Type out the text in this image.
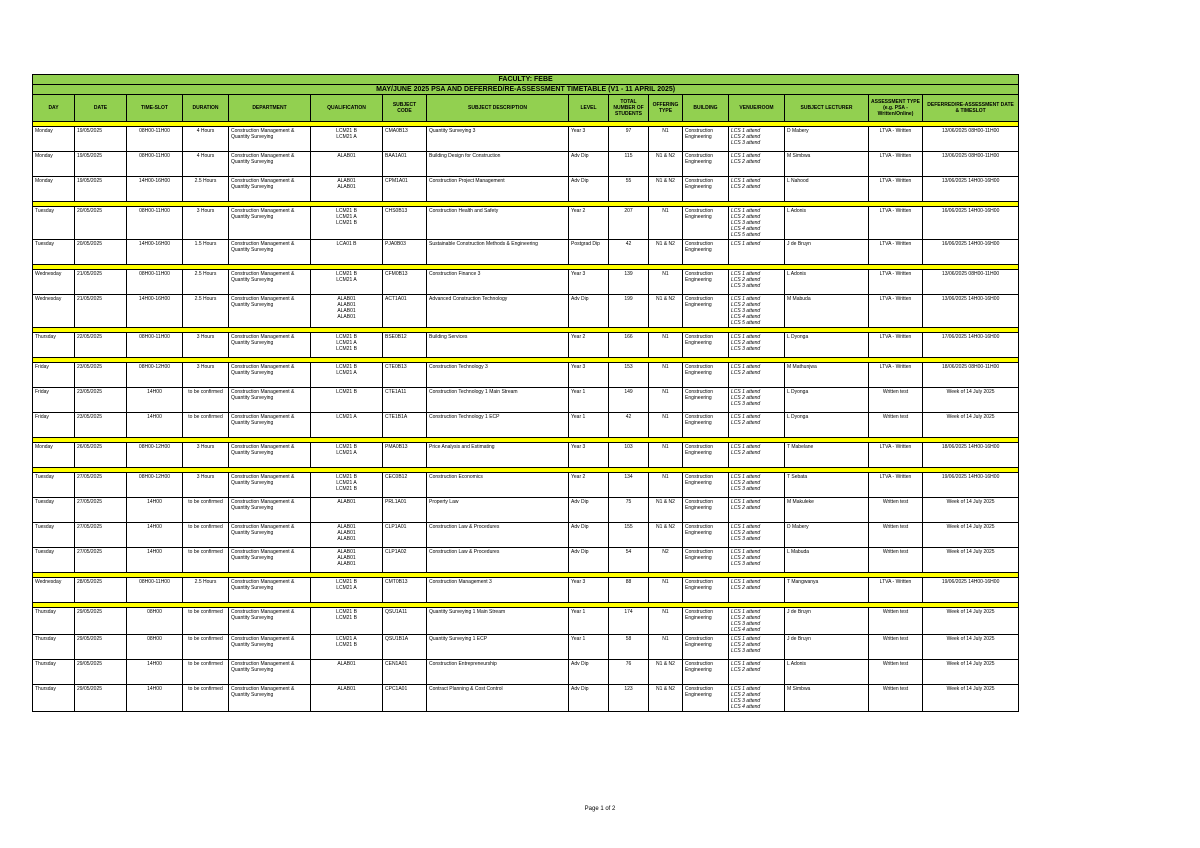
FACULTY: FEBE															
MAY/JUNE 2025 PSA AND DEFERRED/RE-ASSESSMENT TIMETABLE (V1 - 11 APRIL 2025)															
DAY	DATE	TIME-SLOT	DURATION	DEPARTMENT	QUALIFICATION	SUBJECT CODE	SUBJECT DESCRIPTION	LEVEL	TOTAL NUMBER OF STUDENTS	OFFERING TYPE	BUILDING	VENUE/ROOM	SUBJECT LECTURER	ASSESSMENT TYPE (e.g. PSA - Written/Online)	DEFERRED/RE-ASSESSMENT DATE & TIMESLOT

Monday	19/05/2025	08H00-11H00	4 Hours	Construction Management & Quantity Surveying	LCM21 B
LCM21 A	CMA0B13	Quantity Surveying 3	Year 3	97	N1	Construction Engineering	LCS 1 attend
LCS 2 attend
LCS 3 attend	D Mabery	LTVA - Written	13/06/2025 08H00-11H00
Monday	19/05/2025	08H00-11H00	4 Hours	Construction Management & Quantity Surveying	ALAB01	BAA1A01	Building Design for Construction	Adv Dip	115	N1 & N2	Construction Engineering	LCS 1 attend
LCS 2 attend	M Simbwa	LTVA - Written	13/06/2025 08H00-11H00
Monday	19/05/2025	14H00-16H00	2.5 Hours	Construction Management & Quantity Surveying	ALAB01
ALAB01	CPM1A01	Construction Project Management	Adv Dip	55	N1 & N2	Construction Engineering	LCS 1 attend
LCS 2 attend	L Nahood	LTVA - Written	13/06/2025 14H00-16H00

Tuesday	20/05/2025	08H00-11H00	3 Hours	Construction Management & Quantity Surveying	LCM21 B
LCM21 A
LCM21 B	CHS0B13	Construction Health and Safety	Year 2	207	N1	Construction Engineering	LCS 1 attend
LCS 2 attend
LCS 3 attend
LCS 4 attend
LCS 5 attend	L Adonis	LTVA - Written	16/06/2025 14H00-16H00
Tuesday	20/05/2025	14H00-16H00	1.5 Hours	Construction Management & Quantity Surveying	LCA01 B	PJA0B03	Sustainable Construction Methods & Engineering	Postgrad Dip	42	N1 & N2	Construction Engineering	LCS 1 attend	J de Bruyn	LTVA - Written	16/06/2025 14H00-16H00

Wednesday	21/05/2025	08H00-11H00	2.5 Hours	Construction Management & Quantity Surveying	LCM21 B
LCM21 A	CFM0B13	Construction Finance 3	Year 3	139	N1	Construction Engineering	LCS 1 attend
LCS 2 attend
LCS 3 attend	L Adonis	LTVA - Written	13/06/2025 08H00-11H00
Wednesday	21/05/2025	14H00-16H00	2.5 Hours	Construction Management & Quantity Surveying	ALAB01
ALAB01
ALAB01
ALAB01	ACT1A01	Advanced Construction Technology	Adv Dip	199	N1 & N2	Construction Engineering	LCS 1 attend
LCS 2 attend
LCS 3 attend
LCS 4 attend
LCS 5 attend	M Mabuda	LTVA - Written	13/06/2025 14H00-16H00

Thursday	22/05/2025	08H00-11H00	3 Hours	Construction Management & Quantity Surveying	LCM21 B
LCM21 A
LCM21 B	BSE0B12	Building Services	Year 2	166	N1	Construction Engineering	LCS 1 attend
LCS 2 attend
LCS 3 attend	L Dyonga	LTVA - Written	17/06/2025 14H00-16H00

Friday	23/05/2025	08H00-12H00	3 Hours	Construction Management & Quantity Surveying	LCM21 B
LCM21 A	CTE0B13	Construction Technology 3	Year 3	153	N1	Construction Engineering	LCS 1 attend
LCS 2 attend	M Mathunjwa	LTVA - Written	18/06/2025 08H00-11H00
Friday	23/05/2025	14H00	to be confirmed	Construction Management & Quantity Surveying	LCM21 B	CTE1A11	Construction Technology 1 Main Stream	Year 1	149	N1	Construction Engineering	LCS 1 attend
LCS 2 attend
LCS 3 attend	L Dyonga	Written test	Week of 14 July 2025
Friday	23/05/2025	14H00	to be confirmed	Construction Management & Quantity Surveying	LCM21 A	CTE1B1A	Construction Technology 1 ECP	Year 1	42	N1	Construction Engineering	LCS 1 attend
LCS 2 attend	L Dyonga	Written test	Week of 14 July 2025

Monday	26/05/2025	08H00-12H00	3 Hours	Construction Management & Quantity Surveying	LCM21 B
LCM21 A	PMA0B13	Price Analysis and Estimating	Year 3	103	N1	Construction Engineering	LCS 1 attend
LCS 2 attend	T Mabelane	LTVA - Written	18/06/2025 14H00-16H00

Tuesday	27/05/2025	08H00-12H00	3 Hours	Construction Management & Quantity Surveying	LCM21 B
LCM21 A
LCM21 B	CEC0B12	Construction Economics	Year 2	134	N1	Construction Engineering	LCS 1 attend
LCS 2 attend
LCS 3 attend	T Sebata	LTVA - Written	19/06/2025 14H00-16H00
Tuesday	27/05/2025	14H00	to be confirmed	Construction Management & Quantity Surveying	ALAB01	PRL1A01	Property Law	Adv Dip	75	N1 & N2	Construction Engineering	LCS 1 attend
LCS 2 attend	M Makuleke	Written test	Week of 14 July 2025
Tuesday	27/05/2025	14H00	to be confirmed	Construction Management & Quantity Surveying	ALAB01
ALAB01
ALAB01	CLP1A01	Construction Law & Procedures	Adv Dip	155	N1 & N2	Construction Engineering	LCS 1 attend
LCS 2 attend
LCS 3 attend	D Mabery	Written test	Week of 14 July 2025
Tuesday	27/05/2025	14H00	to be confirmed	Construction Management & Quantity Surveying	ALAB01
ALAB01
ALAB01	CLP1A02	Construction Law & Procedures	Adv Dip	54	N2	Construction Engineering	LCS 1 attend
LCS 2 attend
LCS 3 attend	L Mabuda	Written test	Week of 14 July 2025

Wednesday	28/05/2025	08H00-11H00	2.5 Hours	Construction Management & Quantity Surveying	LCM21 B
LCM21 A	CMT0B13	Construction Management 3	Year 3	88	N1	Construction Engineering	LCS 1 attend
LCS 2 attend	T Mangwanya	LTVA - Written	19/06/2025 14H00-16H00

Thursday	29/05/2025	08H00	to be confirmed	Construction Management & Quantity Surveying	LCM21 B
LCM21 B	QSU1A11	Quantity Surveying 1 Main Stream	Year 1	174	N1	Construction Engineering	LCS 1 attend
LCS 2 attend
LCS 3 attend
LCS 4 attend	J de Bruyn	Written test	Week of 14 July 2025
Thursday	29/05/2025	08H00	to be confirmed	Construction Management & Quantity Surveying	LCM21 A
LCM21 B	QSU1B1A	Quantity Surveying 1 ECP	Year 1	58	N1	Construction Engineering	LCS 1 attend
LCS 2 attend
LCS 3 attend	J de Bruyn	Written test	Week of 14 July 2025
Thursday	29/05/2025	14H00	to be confirmed	Construction Management & Quantity Surveying	ALAB01	CEN1A01	Construction Entrepreneurship	Adv Dip	76	N1 & N2	Construction Engineering	LCS 1 attend
LCS 2 attend	L Adonis	Written test	Week of 14 July 2025
Thursday	29/05/2025	14H00	to be confirmed	Construction Management & Quantity Surveying	ALAB01	CPC1A01	Contract Planning & Cost Control	Adv Dip	123	N1 & N2	Construction Engineering	LCS 1 attend
LCS 2 attend
LCS 3 attend
LCS 4 attend	M Simbwa	Written test	Week of 14 July 2025
Page 1 of 2
